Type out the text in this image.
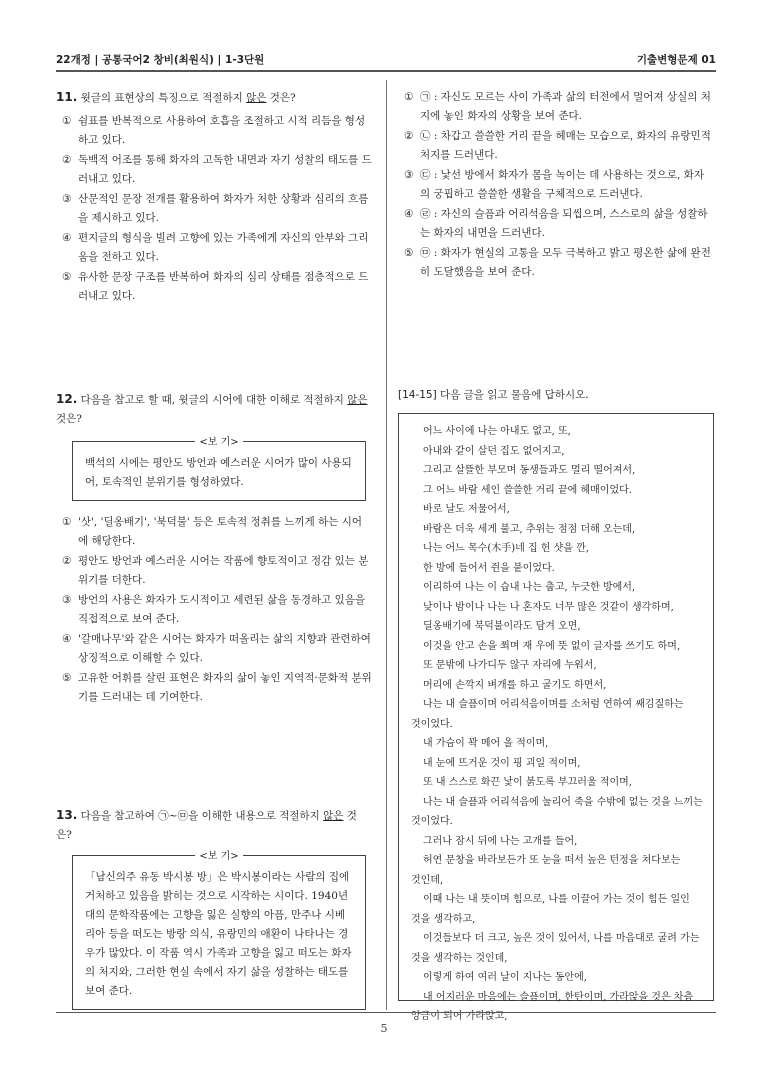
22개정 | 공통국어2 창비(최원식) | 1-3단원	기출변형문제 01

11. 윗글의 표현상의 특징으로 적절하지 않은 것은?

① 쉼표를 반복적으로 사용하여 호흡을 조절하고 시적 리듬을 형성하고 있다.
② 독백적 어조를 통해 화자의 고독한 내면과 자기 성찰의 태도를 드러내고 있다.
③ 산문적인 문장 전개를 활용하여 화자가 처한 상황과 심리의 흐름을 제시하고 있다.
④ 편지글의 형식을 빌려 고향에 있는 가족에게 자신의 안부와 그리움을 전하고 있다.
⑤ 유사한 문장 구조를 반복하여 화자의 심리 상태를 점층적으로 드러내고 있다.

12. 다음을 참고로 할 때, 윗글의 시어에 대한 이해로 적절하지 않은 것은?

<보 기>
백석의 시에는 평안도 방언과 예스러운 시어가 많이 사용되어, 토속적인 분위기를 형성하였다.
① '삿', '딜옹배기', '북덕불' 등은 토속적 정취를 느끼게 하는 시어에 해당한다.
② 평안도 방언과 예스러운 시어는 작품에 향토적이고 정감 있는 분위기를 더한다.
③ 방언의 사용은 화자가 도시적이고 세련된 삶을 동경하고 있음을 직접적으로 보여 준다.
④ '갈매나무'와 같은 시어는 화자가 떠올리는 삶의 지향과 관련하여 상징적으로 이해할 수 있다.
⑤ 고유한 어휘를 살린 표현은 화자의 삶이 놓인 지역적·문화적 분위기를 드러내는 데 기여한다.

13. 다음을 참고하여 ㉠~㉤을 이해한 내용으로 적절하지 않은 것은?

<보 기>
「남신의주 유동 박시봉 방」은 박시봉이라는 사람의 집에 거처하고 있음을 밝히는 것으로 시작하는 시이다. 1940년대의 문학작품에는 고향을 잃은 실향의 아픔, 만주나 시베리아 등을 떠도는 방랑 의식, 유랑민의 애환이 나타나는 경우가 많았다. 이 작품 역시 가족과 고향을 잃고 떠도는 화자의 처지와, 그러한 현실 속에서 자기 삶을 성찰하는 태도를 보여 준다.
① ㉠ : 자신도 모르는 사이 가족과 삶의 터전에서 멀어져 상실의 처지에 놓인 화자의 상황을 보여 준다.
② ㉡ : 차갑고 쓸쓸한 거리 끝을 헤매는 모습으로, 화자의 유랑민적 처지를 드러낸다.
③ ㉢ : 낯선 방에서 화자가 몸을 녹이는 데 사용하는 것으로, 화자의 궁핍하고 쓸쓸한 생활을 구체적으로 드러낸다.
④ ㉣ : 자신의 슬픔과 어리석음을 되씹으며, 스스로의 삶을 성찰하는 화자의 내면을 드러낸다.
⑤ ㉤ : 화자가 현실의 고통을 모두 극복하고 밝고 평온한 삶에 완전히 도달했음을 보여 준다.
[14-15] 다음 글을 읽고 물음에 답하시오.
어느 사이에 나는 아내도 없고, 또,
아내와 같이 살던 집도 없어지고,
그리고 살뜰한 부모며 동생들과도 멀리 떨어져서,
그 어느 바람 세인 쓸쓸한 거리 끝에 헤매이었다.
바로 날도 저물어서,
바람은 더욱 세게 불고, 추위는 점점 더해 오는데,
나는 어느 목수(木手)네 집 헌 샷을 깐,
한 방에 들어서 쥔을 붙이었다.
이리하여 나는 이 습내 나는 춥고, 누긋한 방에서,
낮이나 밤이나 나는 나 혼자도 너무 많은 것같이 생각하며,
딜옹배기에 북덕불이라도 담겨 오면,
이것을 안고 손을 쬐며 재 우에 뜻 없이 글자를 쓰기도 하며,
또 문밖에 나가디두 않구 자리에 누워서,
머리에 손깍지 벼개를 하고 굴기도 하면서,
나는 내 슬픔이며 어리석음이며를 소처럼 연하여 쌔김질하는
것이었다.
내 가슴이 꽉 메어 올 적이며,
내 눈에 뜨거운 것이 핑 괴일 적이며,
또 내 스스로 화끈 낯이 붉도록 부끄러울 적이며,
나는 내 슬픔과 어리석음에 눌리어 죽을 수밖에 없는 것을 느끼는
것이었다.
그러나 잠시 뒤에 나는 고개를 들어,
허연 문창을 바라보든가 또 눈을 떠서 높은 턴정을 쳐다보는
것인데,
이때 나는 내 뜻이며 힘으로, 나를 이끌어 가는 것이 힘든 일인
것을 생각하고,
이것들보다 더 크고, 높은 것이 있어서, 나를 마음대로 굴려 가는
것을 생각하는 것인데,
이렇게 하여 여러 날이 지나는 동안에,
내 어지러운 마음에는 슬픔이며, 한탄이며, 가라앉을 것은 차츰
앙금이 되어 가라앉고,
5
